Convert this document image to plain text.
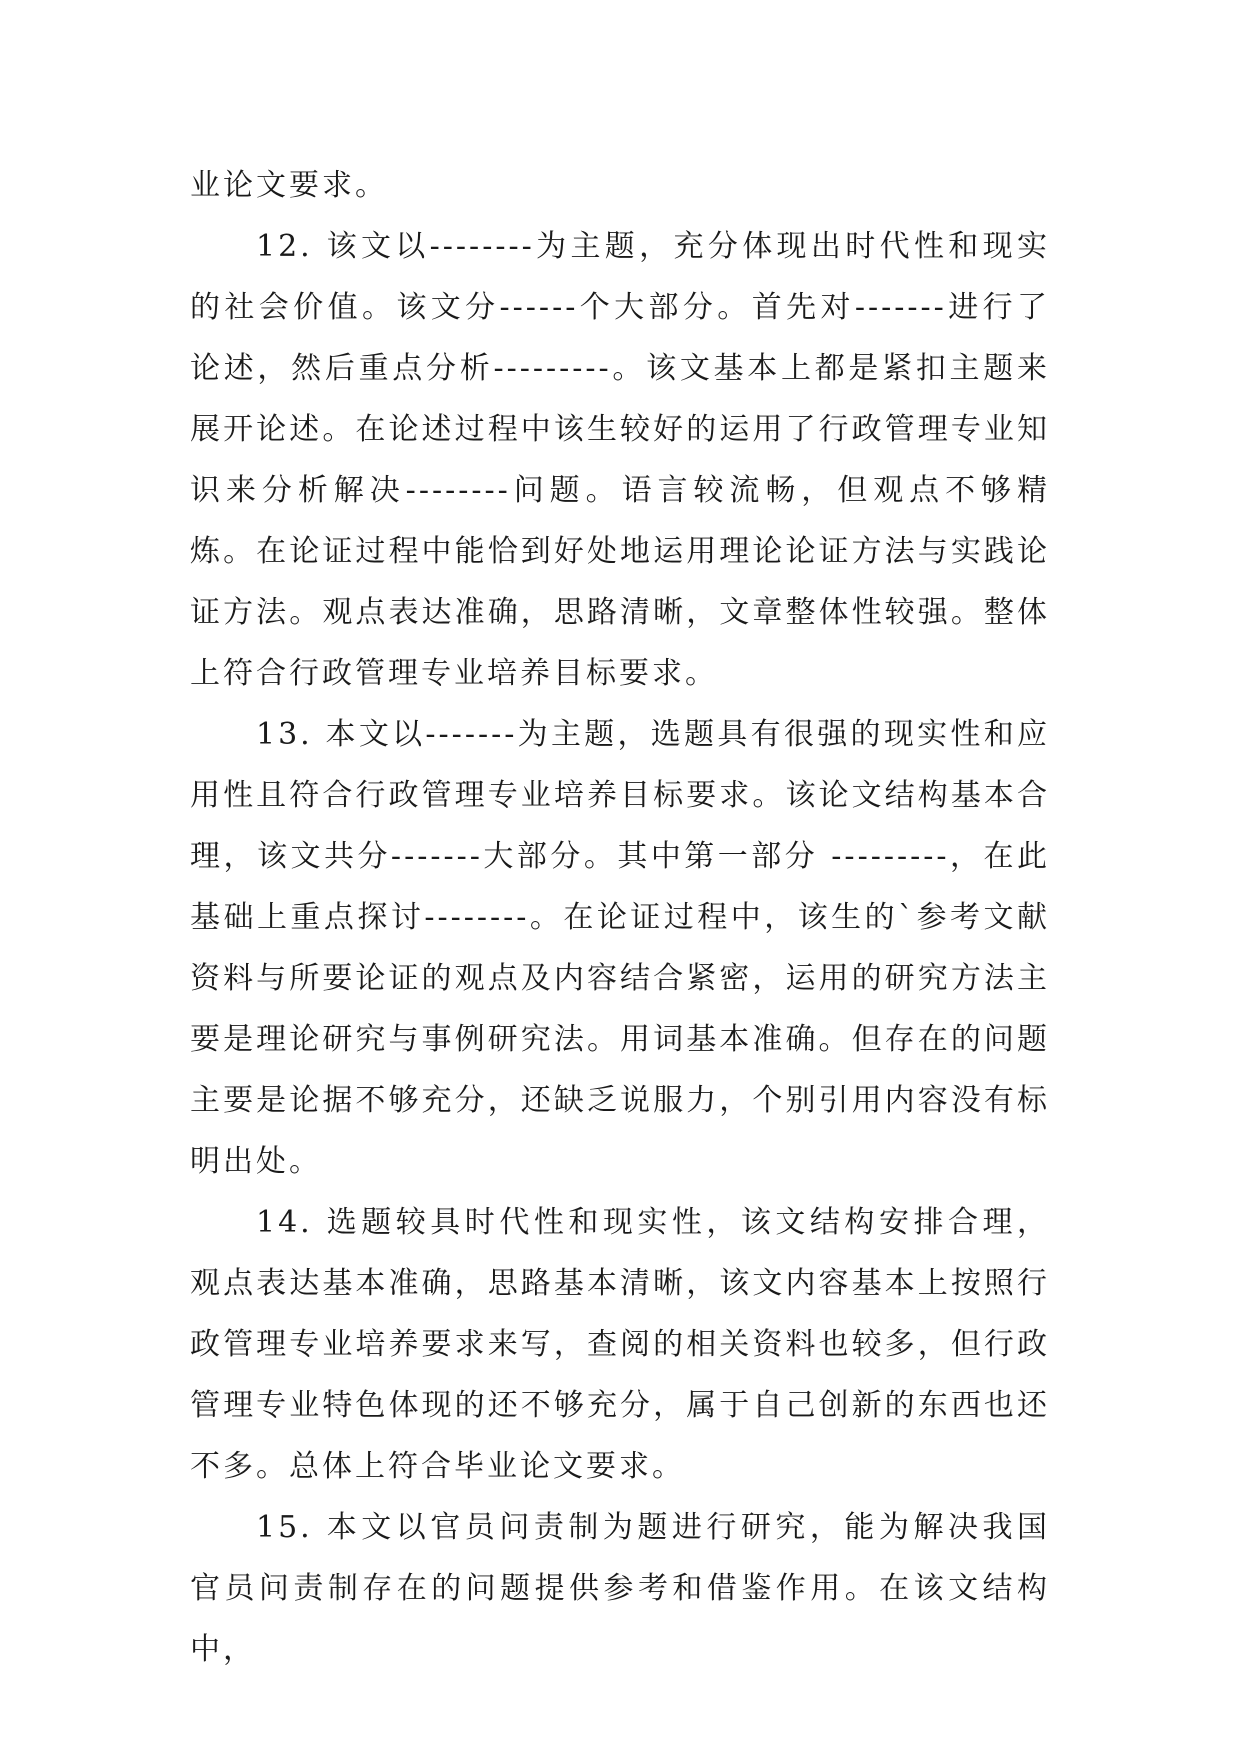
业论文要求。

12. 该文以--------为主题，充分体现出时代性和现实的社会价值。该文分------个大部分。首先对-------进行了论述，然后重点分析---------。该文基本上都是紧扣主题来展开论述。在论述过程中该生较好的运用了行政管理专业知识来分析解决--------问题。语言较流畅，但观点不够精炼。在论证过程中能恰到好处地运用理论论证方法与实践论证方法。观点表达准确，思路清晰，文章整体性较强。整体上符合行政管理专业培养目标要求。

13. 本文以-------为主题，选题具有很强的现实性和应用性且符合行政管理专业培养目标要求。该论文结构基本合理，该文共分-------大部分。其中第一部分 ---------，在此基础上重点探讨--------。在论证过程中，该生的`参考文献资料与所要论证的观点及内容结合紧密，运用的研究方法主要是理论研究与事例研究法。用词基本准确。但存在的问题主要是论据不够充分，还缺乏说服力，个别引用内容没有标明出处。

14. 选题较具时代性和现实性，该文结构安排合理，观点表达基本准确，思路基本清晰，该文内容基本上按照行政管理专业培养要求来写，查阅的相关资料也较多，但行政管理专业特色体现的还不够充分，属于自己创新的东西也还不多。总体上符合毕业论文要求。

15. 本文以官员问责制为题进行研究，能为解决我国官员问责制存在的问题提供参考和借鉴作用。在该文结构中，
